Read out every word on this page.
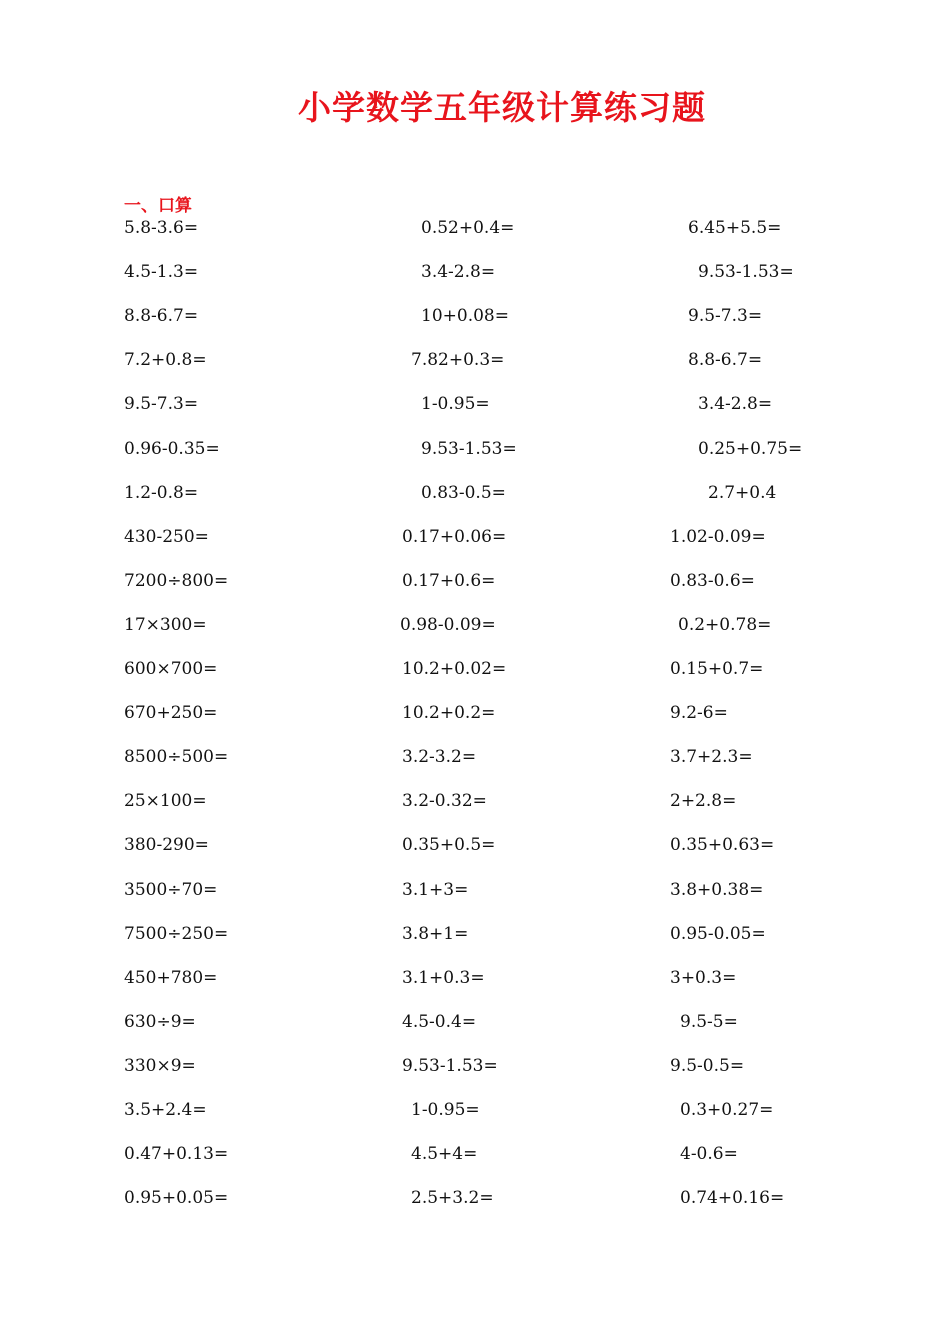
小学数学五年级计算练习题
一、口算
5.8-3.6=
4.5-1.3=
8.8-6.7=
7.2+0.8=
9.5-7.3=
0.96-0.35=
1.2-0.8=
430-250=
7200÷800=
17×300=
600×700=
670+250=
8500÷500=
25×100=
380-290=
3500÷70=
7500÷250=
450+780=
630÷9=
330×9=
3.5+2.4=
0.47+0.13=
0.95+0.05=
0.52+0.4=
3.4-2.8=
10+0.08=
7.82+0.3=
1-0.95=
9.53-1.53=
0.83-0.5=
0.17+0.06=
0.17+0.6=
0.98-0.09=
10.2+0.02=
10.2+0.2=
3.2-3.2=
3.2-0.32=
0.35+0.5=
3.1+3=
3.8+1=
3.1+0.3=
4.5-0.4=
9.53-1.53=
1-0.95=
4.5+4=
2.5+3.2=
6.45+5.5=
9.53-1.53=
9.5-7.3=
8.8-6.7=
3.4-2.8=
0.25+0.75=
2.7+0.4
1.02-0.09=
0.83-0.6=
0.2+0.78=
0.15+0.7=
9.2-6=
3.7+2.3=
2+2.8=
0.35+0.63=
3.8+0.38=
0.95-0.05=
3+0.3=
9.5-5=
9.5-0.5=
0.3+0.27=
4-0.6=
0.74+0.16=
